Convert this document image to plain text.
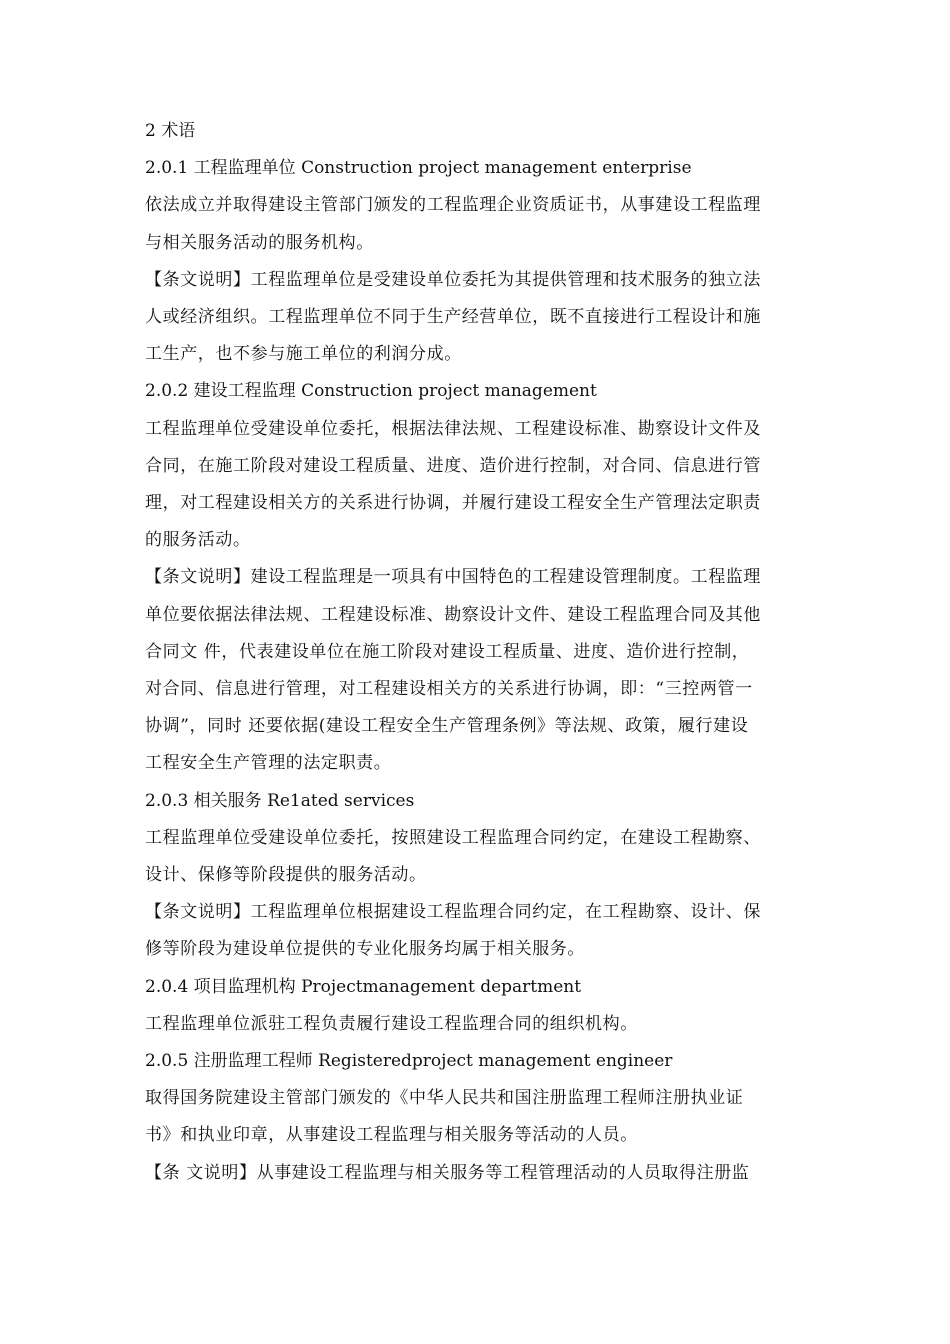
2 术语
2.0.1 工程监理单位 Construction project management enterprise
依法成立并取得建设主管部门颁发的工程监理企业资质证书，从事建设工程监理
与相关服务活动的服务机构。
【条文说明】工程监理单位是受建设单位委托为其提供管理和技术服务的独立法
人或经济组织。工程监理单位不同于生产经营单位，既不直接进行工程设计和施
工生产，也不参与施工单位的利润分成。
2.0.2 建设工程监理 Construction project management
工程监理单位受建设单位委托，根据法律法规、工程建设标准、勘察设计文件及
合同，在施工阶段对建设工程质量、进度、造价进行控制，对合同、信息进行管
理，对工程建设相关方的关系进行协调，并履行建设工程安全生产管理法定职责
的服务活动。
【条文说明】建设工程监理是一项具有中国特色的工程建设管理制度。工程监理
单位要依据法律法规、工程建设标准、勘察设计文件、建设工程监理合同及其他
合同文 件，代表建设单位在施工阶段对建设工程质量、进度、造价进行控制，
对合同、信息进行管理，对工程建设相关方的关系进行协调，即：“三控两管一
协调”，同时 还要依据(建设工程安全生产管理条例》等法规、政策，履行建设
工程安全生产管理的法定职责。
2.0.3 相关服务 Re1ated services
工程监理单位受建设单位委托，按照建设工程监理合同约定，在建设工程勘察、
设计、保修等阶段提供的服务活动。
【条文说明】工程监理单位根据建设工程监理合同约定，在工程勘察、设计、保
修等阶段为建设单位提供的专业化服务均属于相关服务。
2.0.4 项目监理机构 Projectmanagement department
工程监理单位派驻工程负责履行建设工程监理合同的组织机构。
2.0.5 注册监理工程师 Registeredproject management engineer
取得国务院建设主管部门颁发的《中华人民共和国注册监理工程师注册执业证
书》和执业印章，从事建设工程监理与相关服务等活动的人员。
【条 文说明】从事建设工程监理与相关服务等工程管理活动的人员取得注册监
